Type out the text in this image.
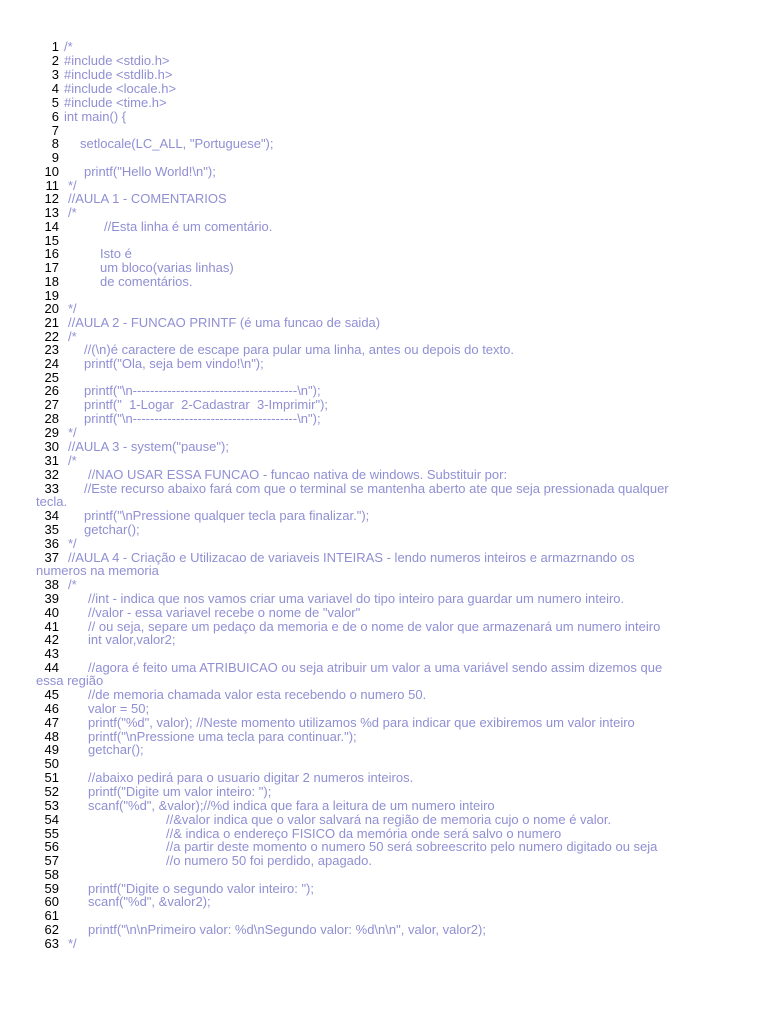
1 /*
2 #include <stdio.h>
3 #include <stdlib.h>
4 #include <locale.h>
5 #include <time.h>
6 int main() {
7
8 setlocale(LC_ALL, "Portuguese");
9
10 printf("Hello World!\n");
11 */
12 //AULA 1 - COMENTARIOS
13 /*
14	//Esta linha é um comentário.
15
16	Isto é
17	um bloco(varias linhas)
18	de comentários.
19
20 */
21 //AULA 2 - FUNCAO PRINTF (é uma funcao de saida)
22 /*
23 //(\n)é caractere de escape para pular uma linha, antes ou depois do texto.
24 printf("Ola, seja bem vindo!\n");
25
26 printf("\n--------------------------------------\n");
27 printf("  1-Logar  2-Cadastrar  3-Imprimir");
28 printf("\n--------------------------------------\n");
29 */
30 //AULA 3 - system("pause");
31 /*
32 //NAO USAR ESSA FUNCAO - funcao nativa de windows. Substituir por:
33 //Este recurso abaixo fará com que o terminal se mantenha aberto ate que seja pressionada qualquer
tecla.
34 printf("\nPressione qualquer tecla para finalizar.");
35 getchar();
36 */
37 //AULA 4 - Criação e Utilizacao de variaveis INTEIRAS - lendo numeros inteiros e armazrnando os
numeros na memoria
38 /*
39 //int - indica que nos vamos criar uma variavel do tipo inteiro para guardar um numero inteiro.
40 //valor - essa variavel recebe o nome de "valor"
41 // ou seja, separe um pedaço da memoria e de o nome de valor que armazenará um numero inteiro
42 int valor,valor2;
43
44 //agora é feito uma ATRIBUICAO ou seja atribuir um valor a uma variável sendo assim dizemos que
essa região
45 //de memoria chamada valor esta recebendo o numero 50.
46 valor = 50;
47 printf("%d", valor); //Neste momento utilizamos %d para indicar que exibiremos um valor inteiro
48 printf("\nPressione uma tecla para continuar.");
49 getchar();
50
51 //abaixo pedirá para o usuario digitar 2 numeros inteiros.
52 printf("Digite um valor inteiro: ");
53 scanf("%d", &valor);//%d indica que fara a leitura de um numero inteiro
54	//&valor indica que o valor salvará na região de memoria cujo o nome é valor.
55	//& indica o endereço FISICO da memória onde será salvo o numero
56	//a partir deste momento o numero 50 será sobreescrito pelo numero digitado ou seja
57	//o numero 50 foi perdido, apagado.
58
59 printf("Digite o segundo valor inteiro: ");
60 scanf("%d", &valor2);
61
62 printf("\n\nPrimeiro valor: %d\nSegundo valor: %d\n\n", valor, valor2);
63 */
